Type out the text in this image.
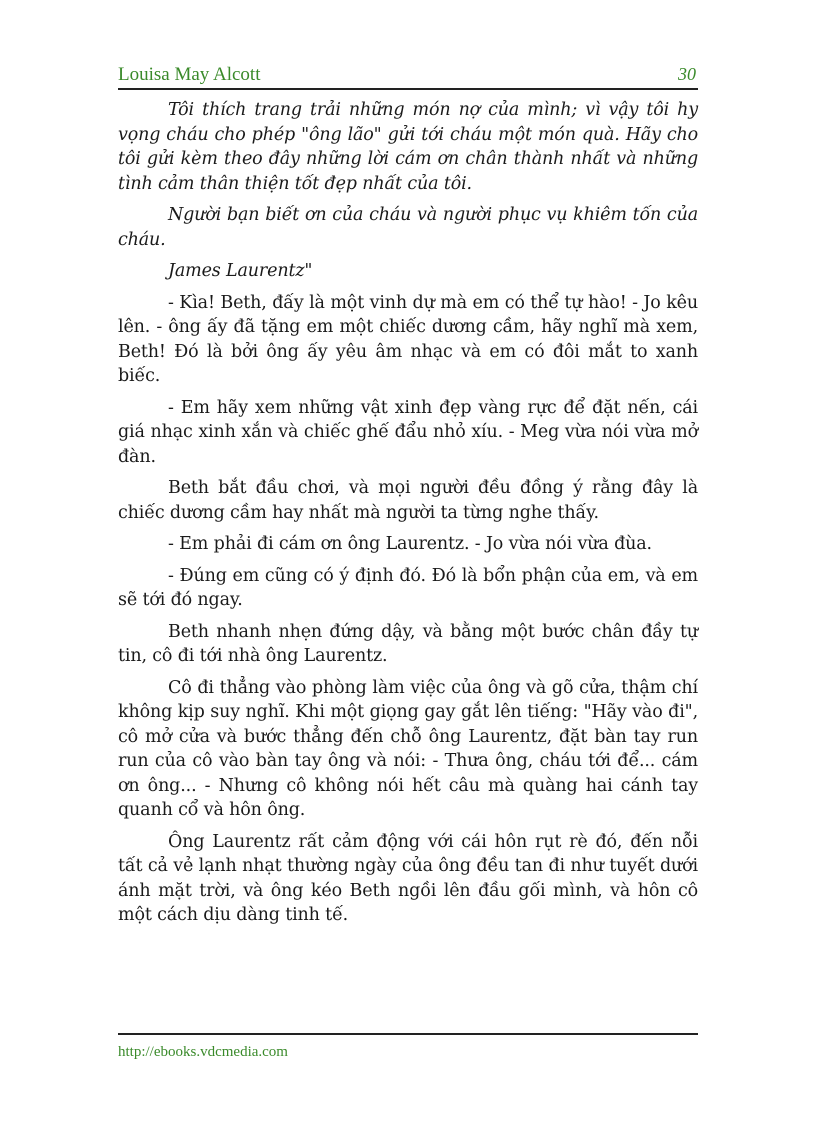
Louisa May Alcott	30

Tôi thích trang trải những món nợ của mình; vì vậy tôi hy vọng cháu cho phép "ông lão" gửi tới cháu một món quà. Hãy cho tôi gửi kèm theo đây những lời cám ơn chân thành nhất và những tình cảm thân thiện tốt đẹp nhất của tôi.

Người bạn biết ơn của cháu và người phục vụ khiêm tốn của cháu.

James Laurentz"

- Kìa! Beth, đấy là một vinh dự mà em có thể tự hào! - Jo kêu lên. - ông ấy đã tặng em một chiếc dương cầm, hãy nghĩ mà xem, Beth! Đó là bởi ông ấy yêu âm nhạc và em có đôi mắt to xanh biếc.

- Em hãy xem những vật xinh đẹp vàng rực để đặt nến, cái giá nhạc xinh xắn và chiếc ghế đẩu nhỏ xíu. - Meg vừa nói vừa mở đàn.

Beth bắt đầu chơi, và mọi người đều đồng ý rằng đây là chiếc dương cầm hay nhất mà người ta từng nghe thấy.

- Em phải đi cám ơn ông Laurentz. - Jo vừa nói vừa đùa.

- Đúng em cũng có ý định đó. Đó là bổn phận của em, và em sẽ tới đó ngay.

Beth nhanh nhẹn đứng dậy, và bằng một bước chân đầy tự tin, cô đi tới nhà ông Laurentz.

Cô đi thẳng vào phòng làm việc của ông và gõ cửa, thậm chí không kịp suy nghĩ. Khi một giọng gay gắt lên tiếng: "Hãy vào đi", cô mở cửa và bước thẳng đến chỗ ông Laurentz, đặt bàn tay run run của cô vào bàn tay ông và nói: - Thưa ông, cháu tới để... cám ơn ông... - Nhưng cô không nói hết câu mà quàng hai cánh tay quanh cổ và hôn ông.

Ông Laurentz rất cảm động với cái hôn rụt rè đó, đến nỗi tất cả vẻ lạnh nhạt thường ngày của ông đều tan đi như tuyết dưới ánh mặt trời, và ông kéo Beth ngồi lên đầu gối mình, và hôn cô một cách dịu dàng tinh tế.

http://ebooks.vdcmedia.com
